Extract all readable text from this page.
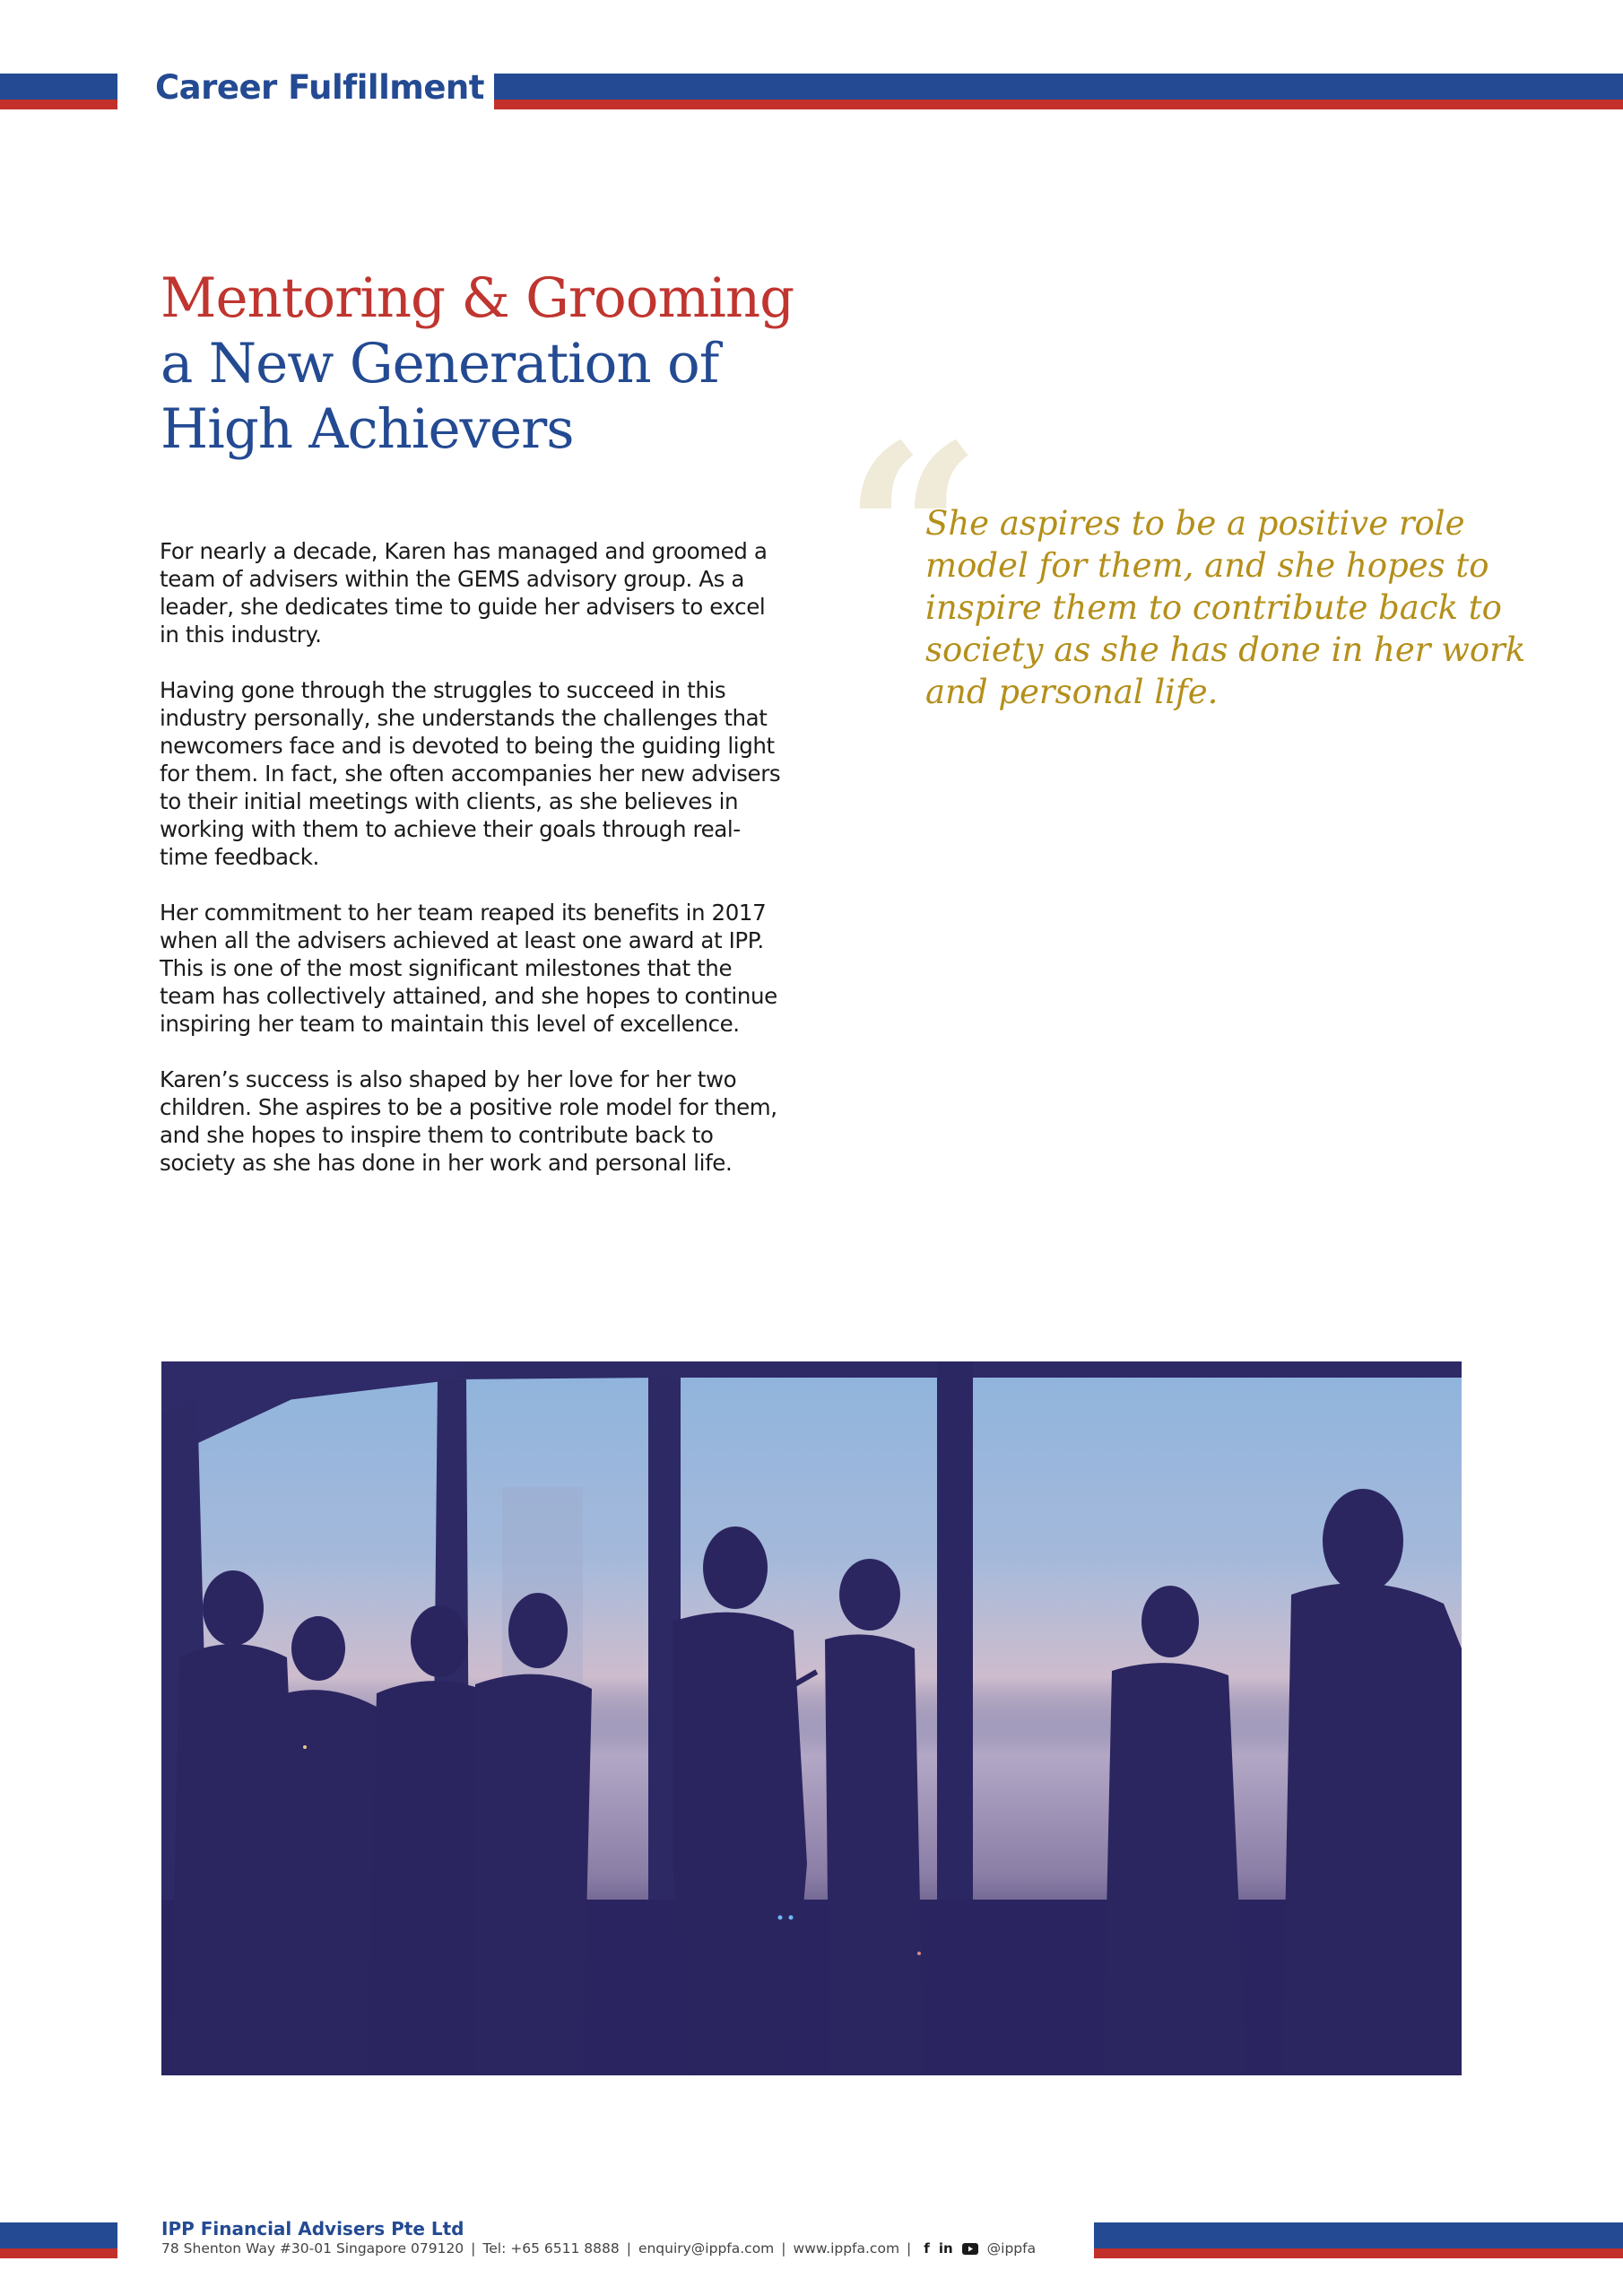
Career Fulfillment
Mentoring & Grooming
a New Generation of
High Achievers

For nearly a decade, Karen has managed and groomed a team of advisers within the GEMS advisory group. As a leader, she dedicates time to guide her advisers to excel in this industry.

Having gone through the struggles to succeed in this industry personally, she understands the challenges that newcomers face and is devoted to being the guiding light for them. In fact, she often accompanies her new advisers to their initial meetings with clients, as she believes in working with them to achieve their goals through real-time feedback.

Her commitment to her team reaped its benefits in 2017 when all the advisers achieved at least one award at IPP. This is one of the most significant milestones that the team has collectively attained, and she hopes to continue inspiring her team to maintain this level of excellence.

Karen’s success is also shaped by her love for her two children. She aspires to be a positive role model for them, and she hopes to inspire them to contribute back to society as she has done in her work and personal life.

“
She aspires to be a positive role model for them, and she hopes to inspire them to contribute back to society as she has done in her work and personal life.
IPP Financial Advisers Pte Ltd
78 Shenton Way #30-01 Singapore 079120 | Tel: +65 6511 8888 | enquiry@ippfa.com | www.ippfa.com | f in @ippfa
